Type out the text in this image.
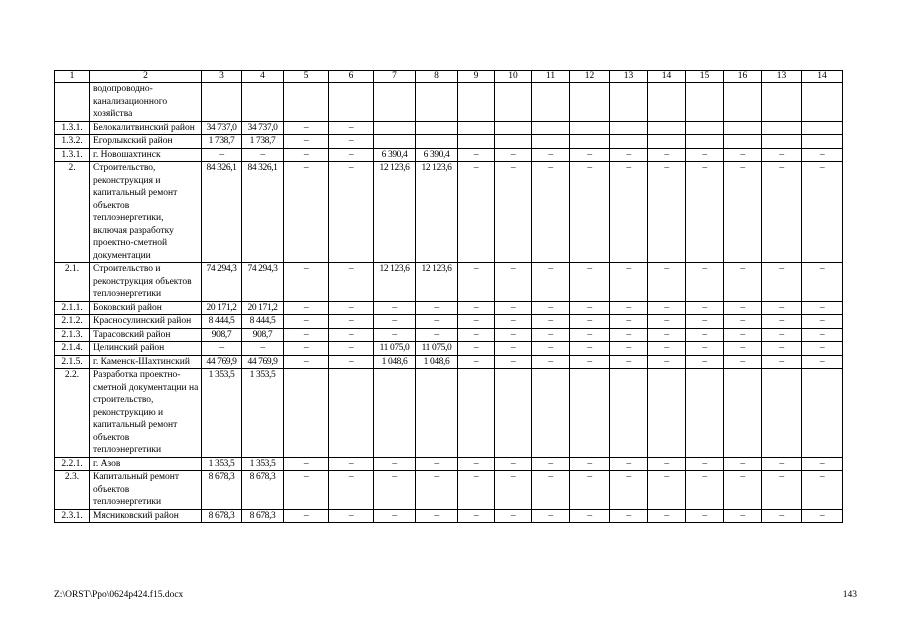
1	2	3	4	5	6	7	8	9	10	11	12	13	14	15	16	13	14
	водопроводно-канализационного хозяйства																
1.3.1.	Белокалитвинский район	34 737,0	34 737,0	–	–												
1.3.2.	Егорлыкский район	1 738,7	1 738,7	–	–												
1.3.1.	г. Новошахтинск	–	–	–	–	6 390,4	6 390,4	–	–	–	–	–	–	–	–	–	–
2.	Строительство, реконструкция и капитальный ремонт объектов теплоэнергетики, включая разработку проектно-сметной документации	84 326,1	84 326,1	–	–	12 123,6	12 123,6	–	–	–	–	–	–	–	–	–	–
2.1.	Строительство и реконструкция объектов теплоэнергетики	74 294,3	74 294,3	–	–	12 123,6	12 123,6	–	–	–	–	–	–	–	–	–	–
2.1.1.	Боковский район	20 171,2	20 171,2	–	–	–	–	–	–	–	–	–	–	–	–	–	–
2.1.2.	Красносулинский район	8 444,5	8 444,5	–	–	–	–	–	–	–	–	–	–	–	–	–	–
2.1.3.	Тарасовский район	908,7	908,7	–	–	–	–	–	–	–	–	–	–	–	–	–	–
2.1.4.	Целинский район	–	–	–	–	11 075,0	11 075,0	–	–	–	–	–	–	–	–	–	–
2.1.5.	г. Каменск-Шахтинский	44 769,9	44 769,9	–	–	1 048,6	1 048,6	–	–	–	–	–	–	–	–	–	–
2.2.	Разработка проектно-сметной документации на строительство, реконструкцию и капитальный ремонт объектов теплоэнергетики	1 353,5	1 353,5														
2.2.1.	г. Азов	1 353,5	1 353,5	–	–	–	–	–	–	–	–	–	–	–	–	–	–
2.3.	Капитальный ремонт объектов теплоэнергетики	8 678,3	8 678,3	–	–	–	–	–	–	–	–	–	–	–	–	–	–
2.3.1.	Мясниковский район	8 678,3	8 678,3	–	–	–	–	–	–	–	–	–	–	–	–	–	–
Z:\ORST\Ppo\0624p424.f15.docx	143
